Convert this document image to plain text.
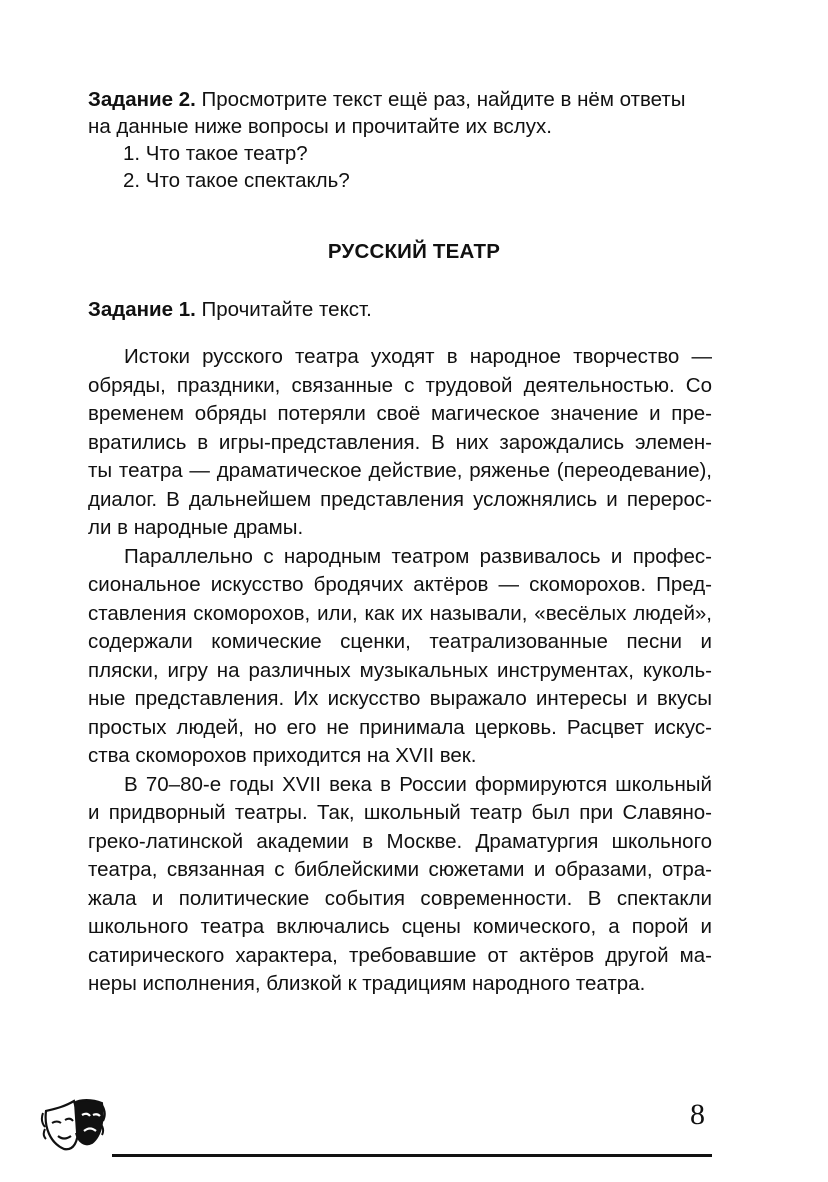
Задание 2. Просмотрите текст ещё раз, найдите в нём ответы
на данные ниже вопросы и прочитайте их вслух.
1. Что такое театр?
2. Что такое спектакль?
РУССКИЙ ТЕАТР
Задание 1. Прочитайте текст.
Истоки русского театра уходят в народное творчество —
обряды, праздники, связанные с трудовой деятельностью. Со
временем обряды потеряли своё магическое значение и пре-
вратились в игры-представления. В них зарождались элемен-
ты театра — драматическое действие, ряженье (переодевание),
диалог. В дальнейшем представления усложнялись и перерос-
ли в народные драмы.
Параллельно с народным театром развивалось и профес-
сиональное искусство бродячих актёров — скоморохов. Пред-
ставления скоморохов, или, как их называли, «весёлых людей»,
содержали комические сценки, театрализованные песни и
пляски, игру на различных музыкальных инструментах, куколь-
ные представления. Их искусство выражало интересы и вкусы
простых людей, но его не принимала церковь. Расцвет искус-
ства скоморохов приходится на XVII век.
В 70–80-е годы XVII века в России формируются школьный
и придворный театры. Так, школьный театр был при Славяно-
греко-латинской академии в Москве. Драматургия школьного
театра, связанная с библейскими сюжетами и образами, отра-
жала и политические события современности. В спектакли
школьного театра включались сцены комического, а порой и
сатирического характера, требовавшие от актёров другой ма-
неры исполнения, близкой к традициям народного театра.
8
